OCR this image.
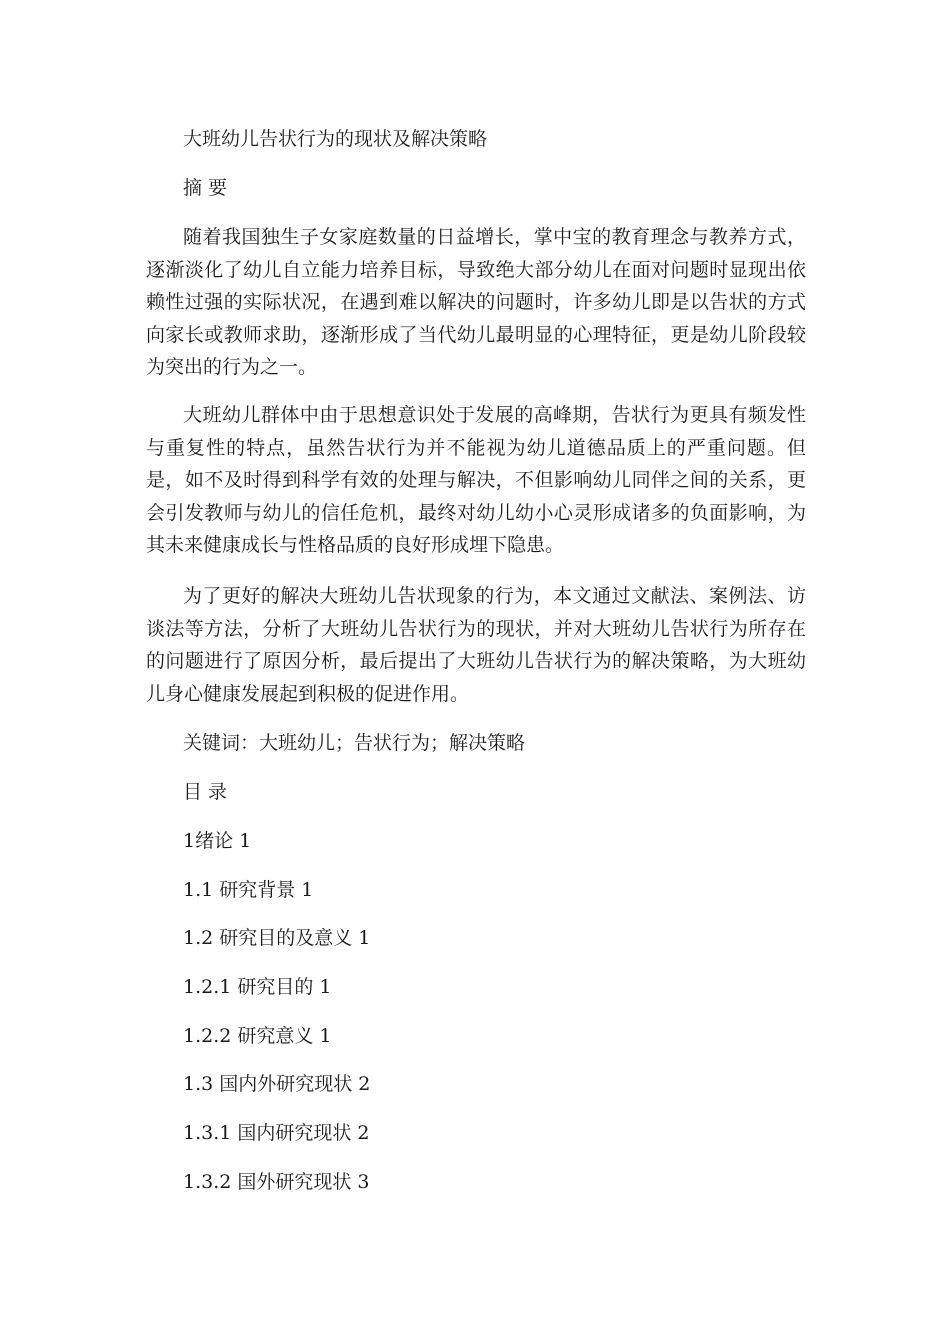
大班幼儿告状行为的现状及解决策略

摘 要

随着我国独生子女家庭数量的日益增长，掌中宝的教育理念与教养方式，逐渐淡化了幼儿自立能力培养目标，导致绝大部分幼儿在面对问题时显现出依赖性过强的实际状况，在遇到难以解决的问题时，许多幼儿即是以告状的方式向家长或教师求助，逐渐形成了当代幼儿最明显的心理特征，更是幼儿阶段较为突出的行为之一。

大班幼儿群体中由于思想意识处于发展的高峰期，告状行为更具有频发性与重复性的特点，虽然告状行为并不能视为幼儿道德品质上的严重问题。但是，如不及时得到科学有效的处理与解决，不但影响幼儿同伴之间的关系，更会引发教师与幼儿的信任危机，最终对幼儿幼小心灵形成诸多的负面影响，为其未来健康成长与性格品质的良好形成埋下隐患。

为了更好的解决大班幼儿告状现象的行为，本文通过文献法、案例法、访谈法等方法，分析了大班幼儿告状行为的现状，并对大班幼儿告状行为所存在的问题进行了原因分析，最后提出了大班幼儿告状行为的解决策略，为大班幼儿身心健康发展起到积极的促进作用。

关键词：大班幼儿；告状行为；解决策略

目 录

1绪论 1

1.1 研究背景 1

1.2 研究目的及意义 1

1.2.1 研究目的 1

1.2.2 研究意义 1

1.3 国内外研究现状 2

1.3.1 国内研究现状 2

1.3.2 国外研究现状 3
